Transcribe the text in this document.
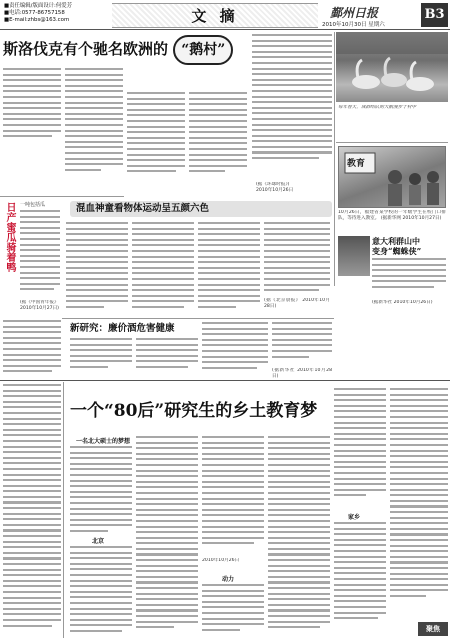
■责任编辑/版面设计:何爱芳
■电话:0577-86757158
■E-mail:zhbs@163.com	文 摘	鄞州日报
2010年10月30日 星期六
B3
斯洛伐克有个驰名欧洲的 “鹅村”
(据《环球时报》)
2010年10月26日
每年春天，成群结队的大鹅漫步于村中
日产蜜瓜骑着鸭 一吨包括瓜
(据《中国青年报》
2010年10月27日)
混血神童看物体运动呈五颜六色
(据《北京晨报》 2010年10月28日)
教育
10月26日，福建省某学校的一年级学生在校门口排队，等待进入教室。 (据新华网 2010年10月27日)
意大利群山中
变身“蜘蛛侠”
(据新华社 2010年10月26日)
新研究：廉价酒危害健康
(据新华社 2010年10月28日)
一个“80后”研究生的乡土教育梦
一名北大硕士的梦想
北京
2010年10月26日
动力
家乡
聚焦
